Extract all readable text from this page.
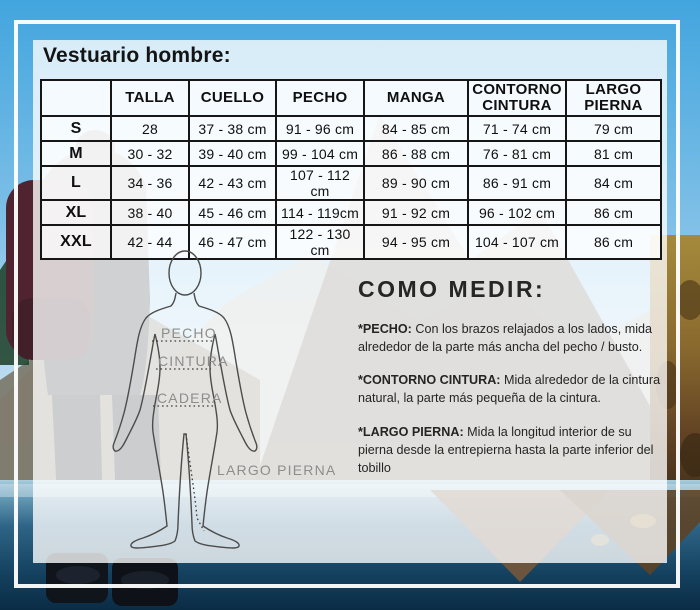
Vestuario hombre:
	TALLA	CUELLO	PECHO	MANGA	CONTORNO CINTURA	LARGO PIERNA
S	28	37 - 38 cm	91 - 96 cm	84 - 85 cm	71 - 74 cm	79 cm
M	30 - 32	39 - 40 cm	99 - 104 cm	86 - 88 cm	76 - 81 cm	81 cm
L	34 - 36	42 - 43 cm	107 - 112 cm	89 - 90 cm	86 - 91 cm	84 cm
XL	38 - 40	45 - 46 cm	114 - 119cm	91 - 92 cm	96 - 102 cm	86 cm
XXL	42 - 44	46 - 47 cm	122 - 130 cm	94 - 95 cm	104 - 107 cm	86 cm
PECHO
CINTURA
CADERA
LARGO PIERNA
COMO MEDIR:

*PECHO: Con los brazos relajados a los lados, mida alrededor de la parte más ancha del pecho / busto.

*CONTORNO CINTURA: Mida alrededor de la cintura natural, la parte más pequeña de la cintura.

*LARGO PIERNA: Mida la longitud interior de su pierna desde la entrepierna hasta la parte inferior del tobillo
